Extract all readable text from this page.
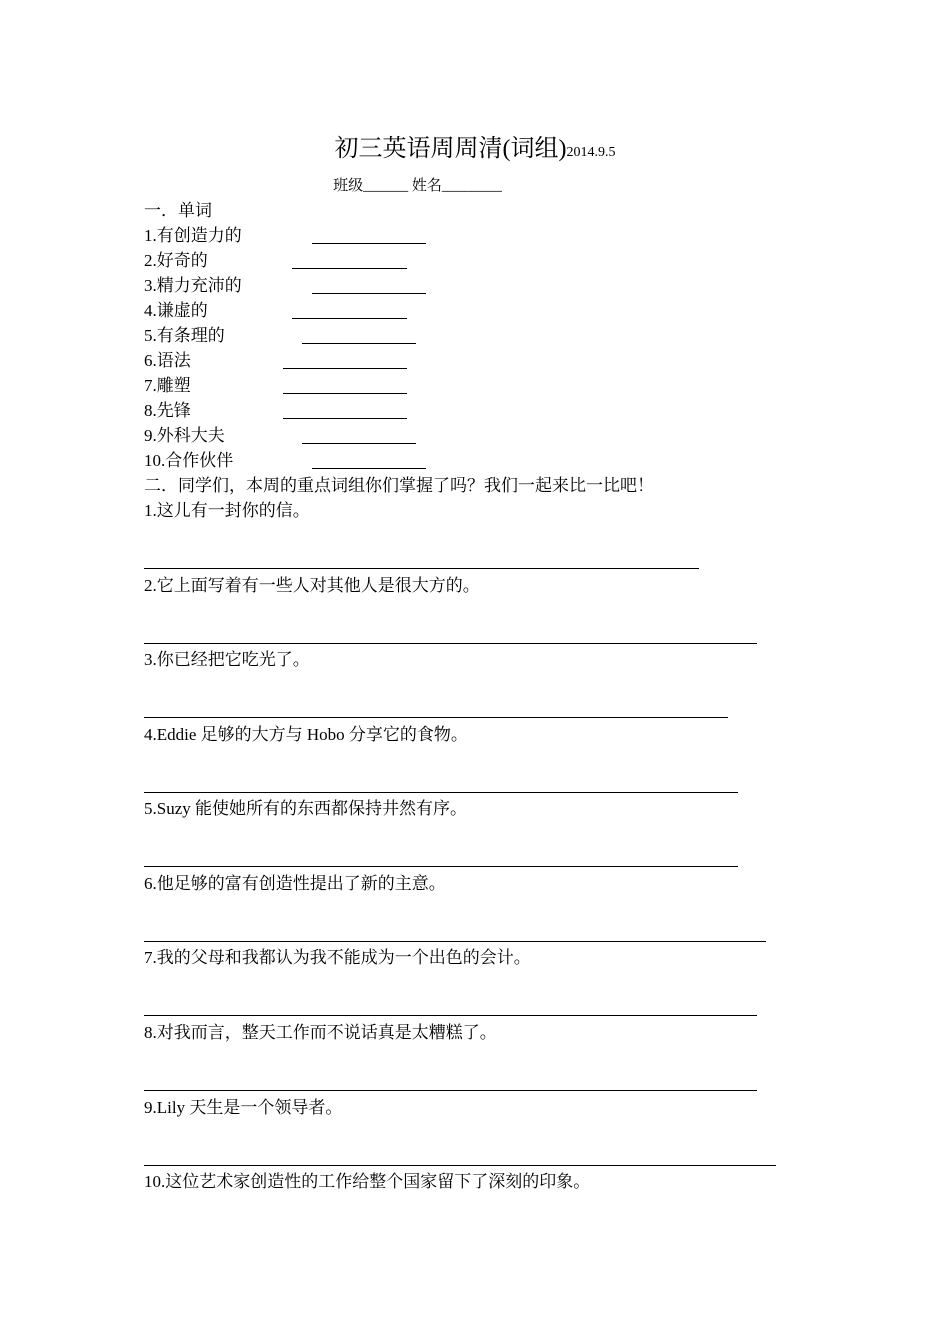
初三英语周周清(词组)2014.9.5
班级______ 姓名________
一．单词
1.有创造力的
2.好奇的
3.精力充沛的
4.谦虚的
5.有条理的
6.语法
7.雕塑
8.先锋
9.外科大夫
10.合作伙伴
二．同学们，本周的重点词组你们掌握了吗？我们一起来比一比吧！
1.这儿有一封你的信。
2.它上面写着有一些人对其他人是很大方的。
3.你已经把它吃光了。
4.Eddie 足够的大方与 Hobo 分享它的食物。
5.Suzy 能使她所有的东西都保持井然有序。
6.他足够的富有创造性提出了新的主意。
7.我的父母和我都认为我不能成为一个出色的会计。
8.对我而言，整天工作而不说话真是太糟糕了。
9.Lily 天生是一个领导者。
10.这位艺术家创造性的工作给整个国家留下了深刻的印象。
